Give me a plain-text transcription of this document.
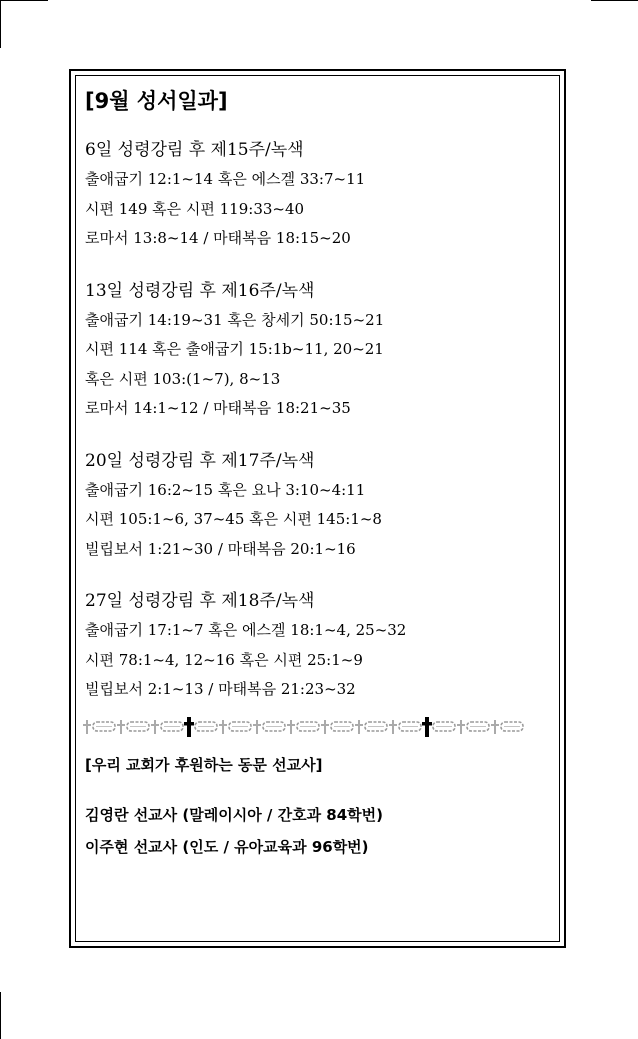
[9월 성서일과]
6일 성령강림 후 제15주/녹색
출애굽기 12:1~14 혹은 에스겔 33:7~11
시편 149 혹은 시편 119:33~40
로마서 13:8~14 / 마태복음 18:15~20
13일 성령강림 후 제16주/녹색
출애굽기 14:19~31 혹은 창세기 50:15~21
시편 114 혹은 출애굽기 15:1b~11, 20~21
혹은 시편 103:(1~7), 8~13
로마서 14:1~12 / 마태복음 18:21~35
20일 성령강림 후 제17주/녹색
출애굽기 16:2~15 혹은 요나 3:10~4:11
시편 105:1~6, 37~45 혹은 시편 145:1~8
빌립보서 1:21~30 / 마태복음 20:1~16
27일 성령강림 후 제18주/녹색
출애굽기 17:1~7 혹은 에스겔 18:1~4, 25~32
시편 78:1~4, 12~16 혹은 시편 25:1~9
빌립보서 2:1~13 / 마태복음 21:23~32
[우리 교회가 후원하는 동문 선교사]
김영란 선교사 (말레이시아 / 간호과 84학번)
이주현 선교사 (인도 / 유아교육과 96학번)
